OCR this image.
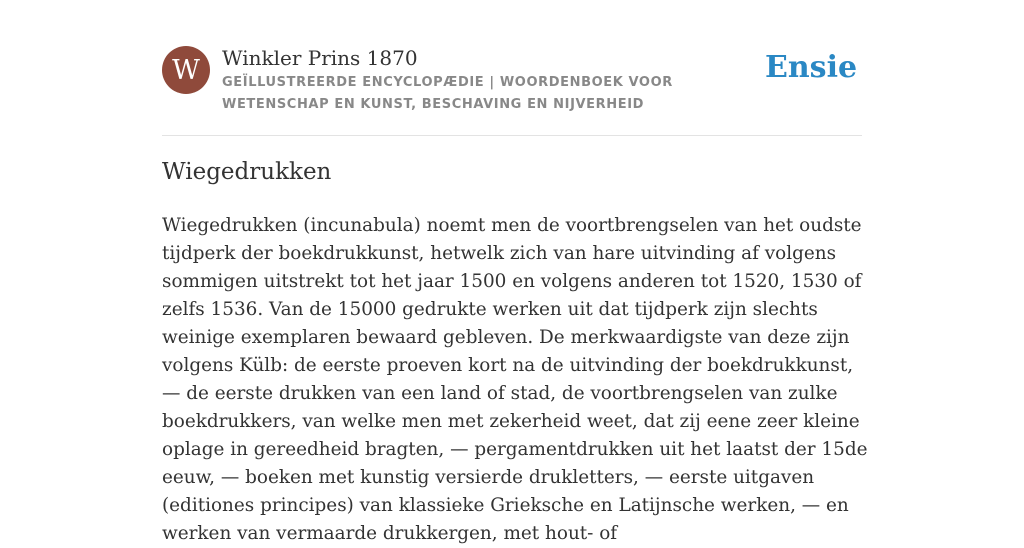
W	Winkler Prins 1870
GEÏLLUSTREERDE ENCYCLOPÆDIE | WOORDENBOEK VOOR WETENSCHAP EN KUNST, BESCHAVING EN NIJVERHEID
Ensie
Wiegedrukken

Wiegedrukken (incunabula) noemt men de voortbrengselen van het oudste tijdperk der boekdrukkunst, hetwelk zich van hare uitvinding af volgens sommigen uitstrekt tot het jaar 1500 en volgens anderen tot 1520, 1530 of zelfs 1536. Van de 15000 gedrukte werken uit dat tijdperk zijn slechts weinige exemplaren bewaard gebleven. De merkwaardigste van deze zijn volgens Külb: de eerste proeven kort na de uitvinding der boekdrukkunst, — de eerste drukken van een land of stad, de voortbrengselen van zulke boekdrukkers, van welke men met zekerheid weet, dat zij eene zeer kleine oplage in gereedheid bragten, — pergamentdrukken uit het laatst der 15de eeuw, — boeken met kunstig versierde drukletters, — eerste uitgaven (editiones principes) van klassieke Grieksche en Latijnsche werken, — en werken van vermaarde drukkergen, met hout- of
